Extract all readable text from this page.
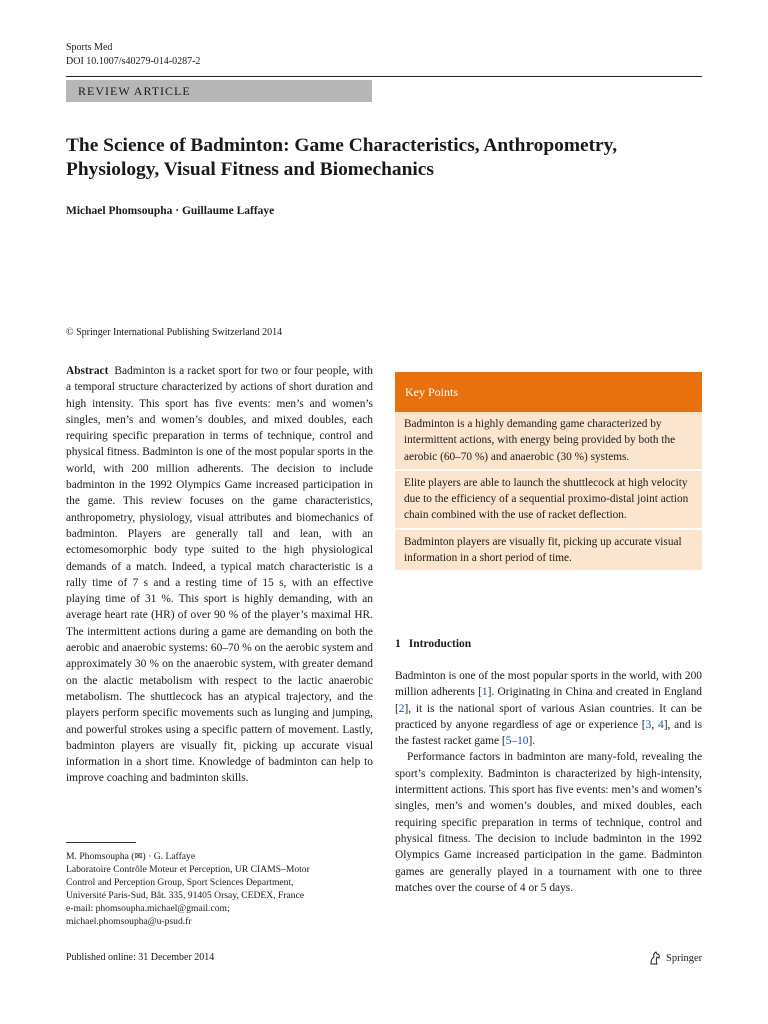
Sports Med
DOI 10.1007/s40279-014-0287-2
REVIEW ARTICLE
The Science of Badminton: Game Characteristics, Anthropometry, Physiology, Visual Fitness and Biomechanics
Michael Phomsoupha · Guillaume Laffaye
© Springer International Publishing Switzerland 2014

Abstract Badminton is a racket sport for two or four people, with a temporal structure characterized by actions of short duration and high intensity. This sport has five events: men’s and women’s singles, men’s and women’s doubles, and mixed doubles, each requiring specific preparation in terms of technique, control and physical fitness. Badminton is one of the most popular sports in the world, with 200 million adherents. The decision to include badminton in the 1992 Olympics Game increased participation in the game. This review focuses on the game characteristics, anthropometry, physiology, visual attributes and biomechanics of badminton. Players are generally tall and lean, with an ectomesomorphic body type suited to the high physiological demands of a match. Indeed, a typical match characteristic is a rally time of 7 s and a resting time of 15 s, with an effective playing time of 31 %. This sport is highly demanding, with an average heart rate (HR) of over 90 % of the player’s maximal HR. The intermittent actions during a game are demanding on both the aerobic and anaerobic systems: 60–70 % on the aerobic system and approximately 30 % on the anaerobic system, with greater demand on the alactic metabolism with respect to the lactic anaerobic metabolism. The shuttlecock has an atypical trajectory, and the players perform specific movements such as lunging and jumping, and powerful strokes using a specific pattern of movement. Lastly, badminton players are visually fit, picking up accurate visual information in a short time. Knowledge of badminton can help to improve coaching and badminton skills.

M. Phomsoupha (✉) · G. Laffaye
Laboratoire Contrôle Moteur et Perception, UR CIAMS–Motor
Control and Perception Group, Sport Sciences Department,
Université Paris-Sud, Bât. 335, 91405 Orsay, CEDEX, France
e-mail: phomsoupha.michael@gmail.com;
michael.phomsoupha@u-psud.fr
Published online: 31 December 2014	Springer
Key Points
Badminton is a highly demanding game characterized by intermittent actions, with energy being provided by both the aerobic (60–70 %) and anaerobic (30 %) systems.
Elite players are able to launch the shuttlecock at high velocity due to the efficiency of a sequential proximo-distal joint action chain combined with the use of racket deflection.
Badminton players are visually fit, picking up accurate visual information in a short period of time.
1 Introduction

Badminton is one of the most popular sports in the world, with 200 million adherents [1]. Originating in China and created in England [2], it is the national sport of various Asian countries. It can be practiced by anyone regardless of age or experience [3, 4], and is the fastest racket game [5–10].

Performance factors in badminton are many-fold, revealing the sport’s complexity. Badminton is characterized by high-intensity, intermittent actions. This sport has five events: men’s and women’s singles, men’s and women’s doubles, and mixed doubles, each requiring specific preparation in terms of technique, control and physical fitness. The decision to include badminton in the 1992 Olympics Game increased participation in the game. Badminton games are generally played in a tournament with one to three matches over the course of 4 or 5 days.
